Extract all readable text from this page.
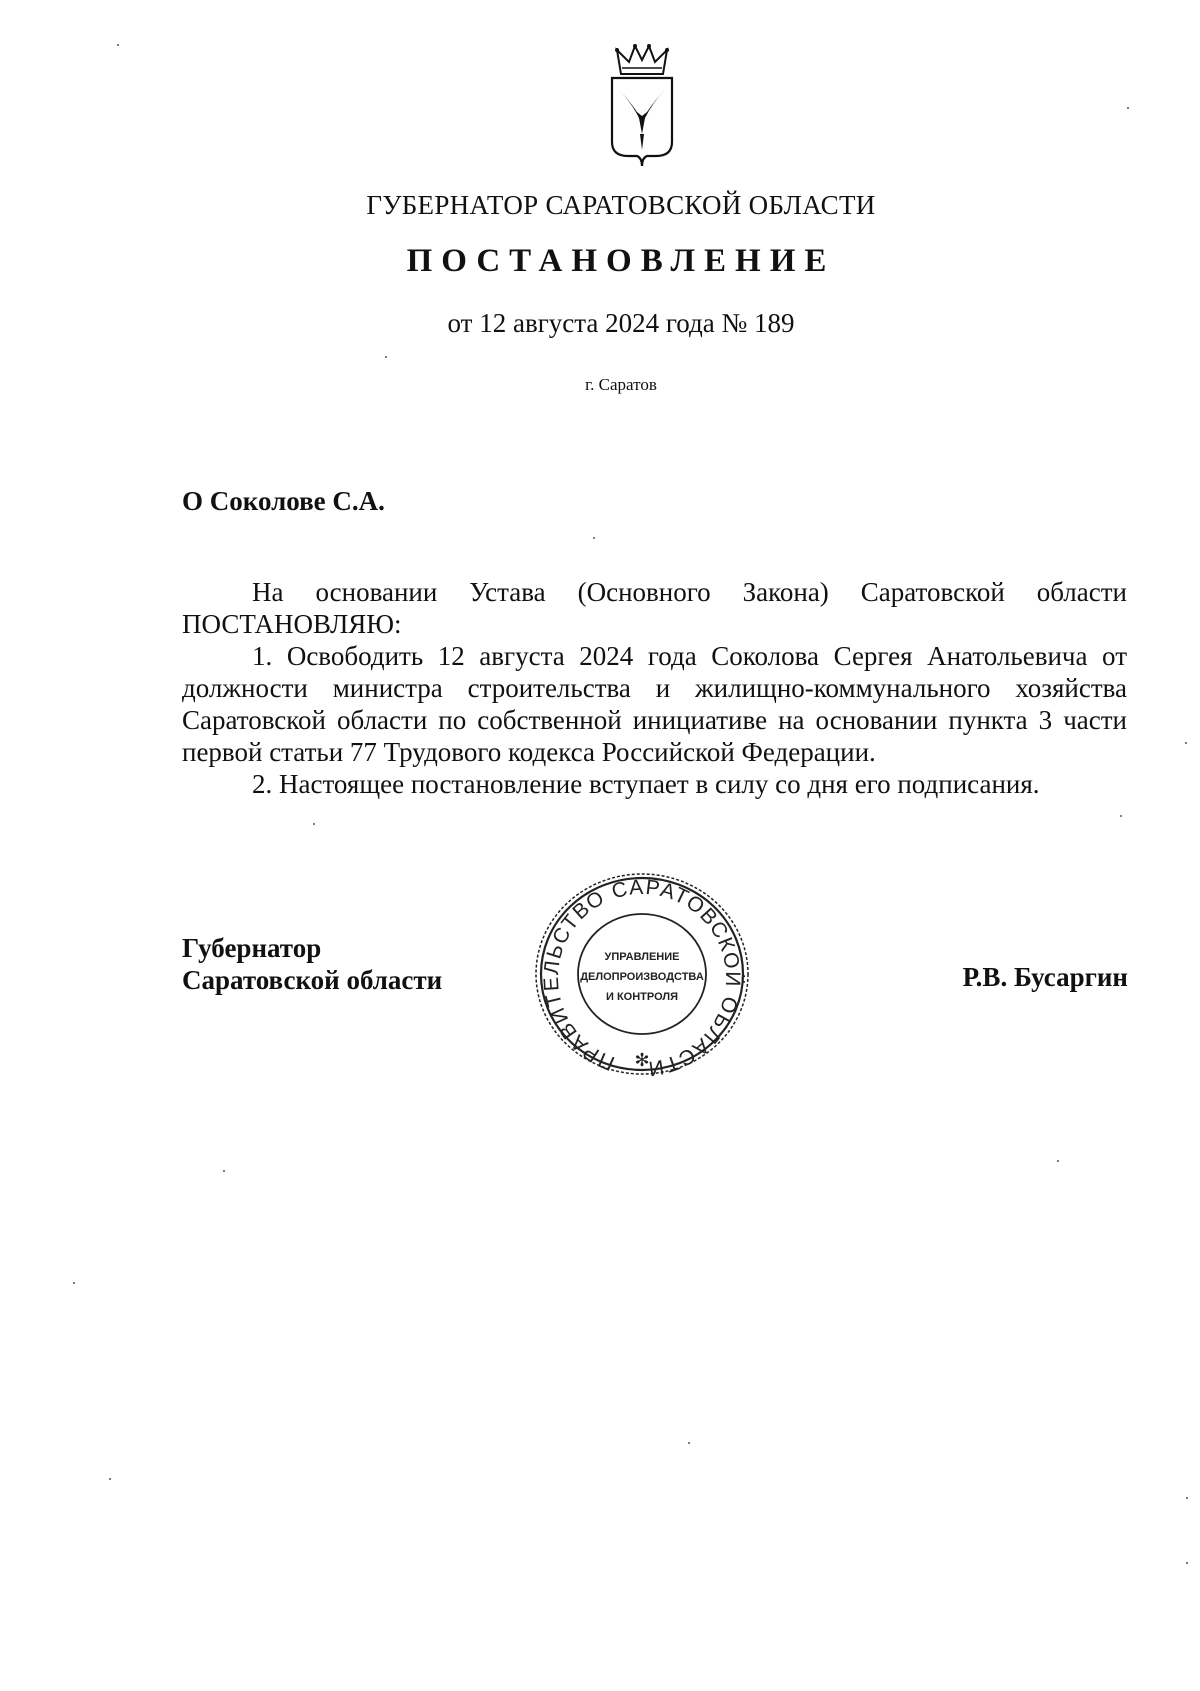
ГУБЕРНАТОР САРАТОВСКОЙ ОБЛАСТИ
ПОСТАНОВЛЕНИЕ
от 12 августа 2024 года № 189
г. Саратов
О Соколове С.А.
На основании Устава (Основного Закона) Саратовской области ПОСТАНОВЛЯЮ:
1. Освободить 12 августа 2024 года Соколова Сергея Анатольевича от должности министра строительства и жилищно-коммунального хозяйства Саратовской области по собственной инициативе на основании пункта 3 части первой статьи 77 Трудового кодекса Российской Федерации.
2. Настоящее постановление вступает в силу со дня его подписания.
Губернатор
Саратовской области	Р.В. Бусаргин
ПРАВИТЕЛЬСТВО САРАТОВСКОЙ ОБЛАСТИ
УПРАВЛЕНИЕ
ДЕЛОПРОИЗВОДСТВА
И КОНТРОЛЯ
✻
